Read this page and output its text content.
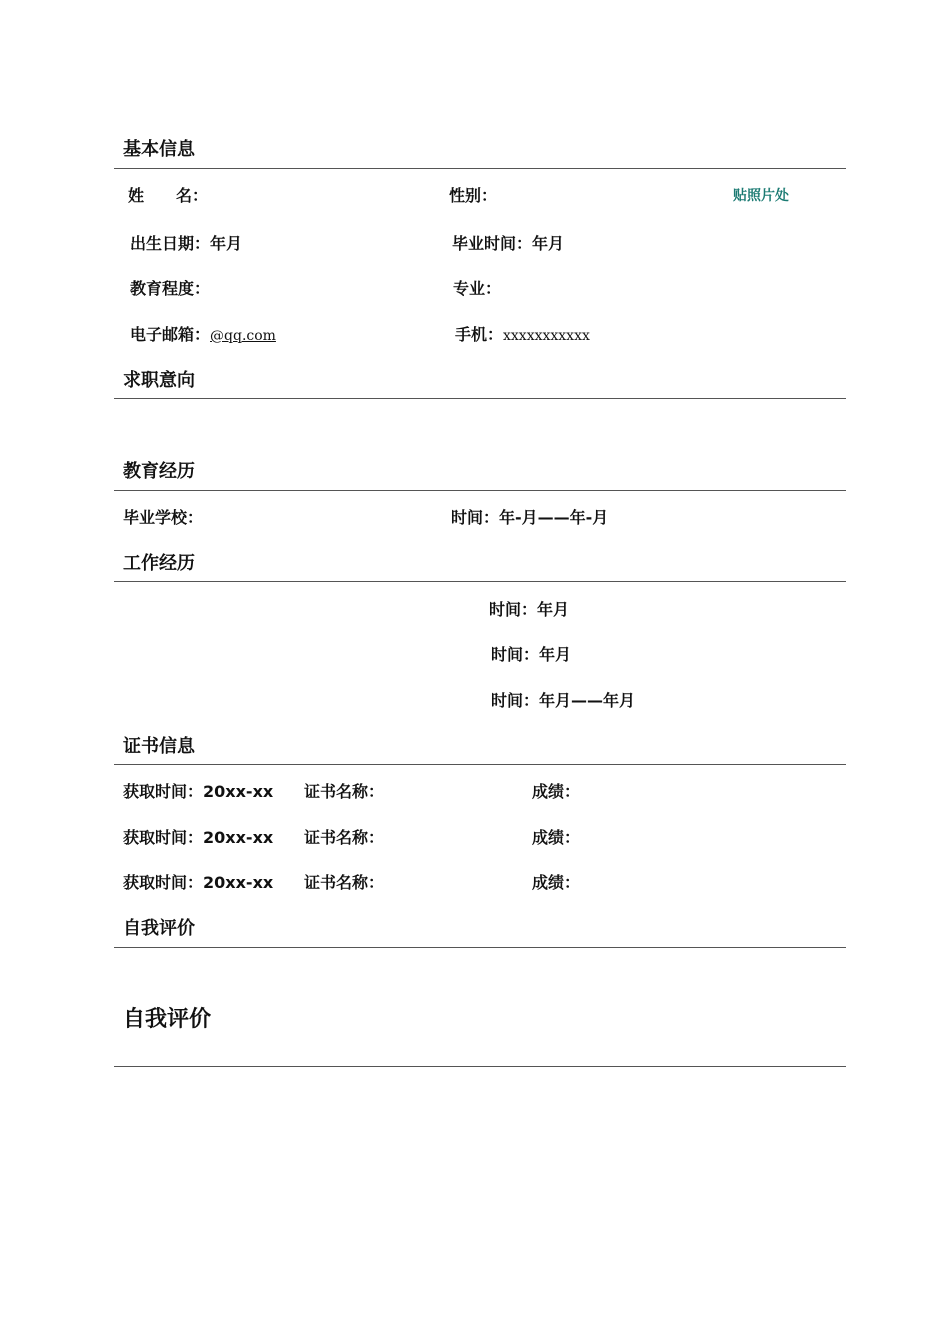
基本信息
姓　　名：	性别：	贴照片处
出生日期：年月	毕业时间：年月
教育程度：	专业：
电子邮箱：@qq.com	手机：xxxxxxxxxxx
求职意向
教育经历
毕业学校：	时间：年-月——年-月
工作经历
时间：年月
时间：年月
时间：年月——年月
证书信息
获取时间：20xx-xx 证书名称：	成绩：
获取时间：20xx-xx 证书名称：	成绩：
获取时间：20xx-xx 证书名称：	成绩：
自我评价
自我评价
